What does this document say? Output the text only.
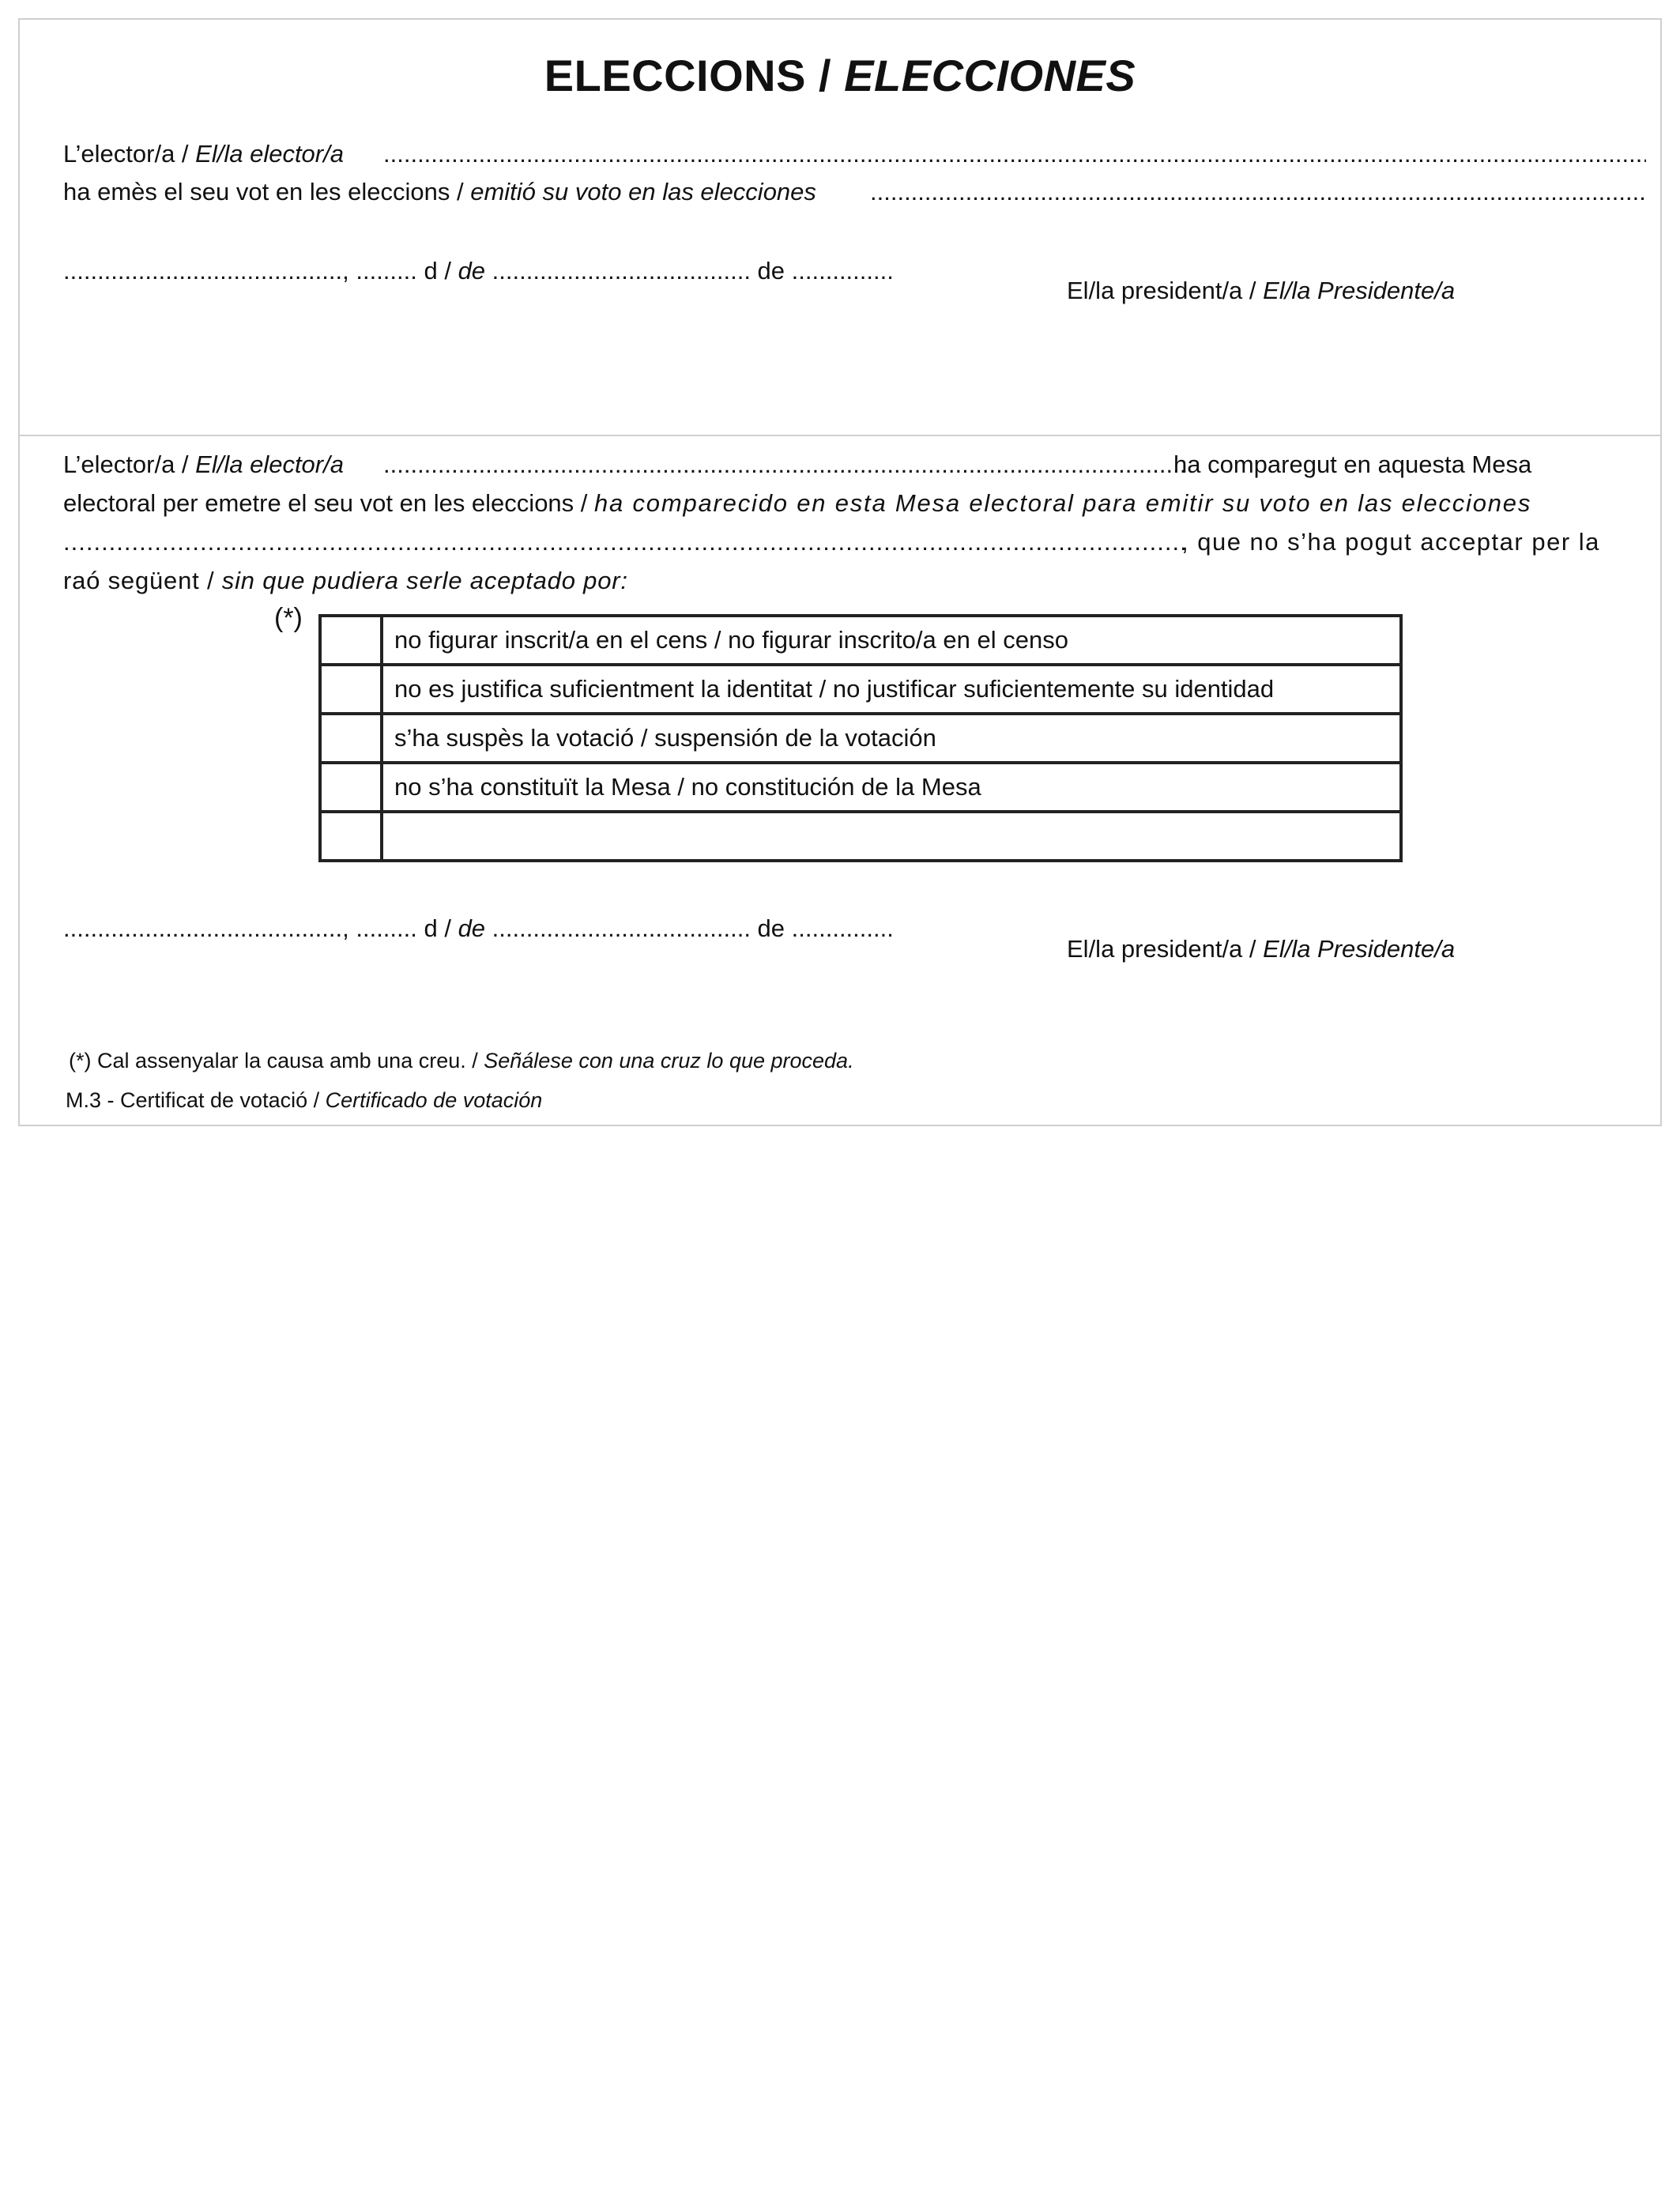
ELECCIONS / ELECCIONES
L’elector/a / El/la elector/a
.....
ha emès el seu vot en les eleccions / emitió su voto en las elecciones
.....
........................................., ......... d / de ...................................... de ...............
El/la president/a / El/la Presidente/a
L’elector/a / El/la elector/a
.....	ha comparegut en aquesta Mesa
electoral per emetre el seu vot en les eleccions / ha comparecido en esta Mesa electoral para emitir su voto en las elecciones
.....
, que no s’ha pogut acceptar per la
raó següent / sin que pudiera serle aceptado por:
(*)
	no figurar inscrit/a en el cens / no figurar inscrito/a en el censo
	no es justifica suficientment la identitat / no justificar suficientemente su identidad
	s’ha suspès la votació / suspensión de la votación
	no s’ha constituït la Mesa / no constitución de la Mesa

........................................., ......... d / de ...................................... de ...............
El/la president/a / El/la Presidente/a
(*) Cal assenyalar la causa amb una creu. / Señálese con una cruz lo que proceda.
M.3 - Certificat de votació / Certificado de votación
